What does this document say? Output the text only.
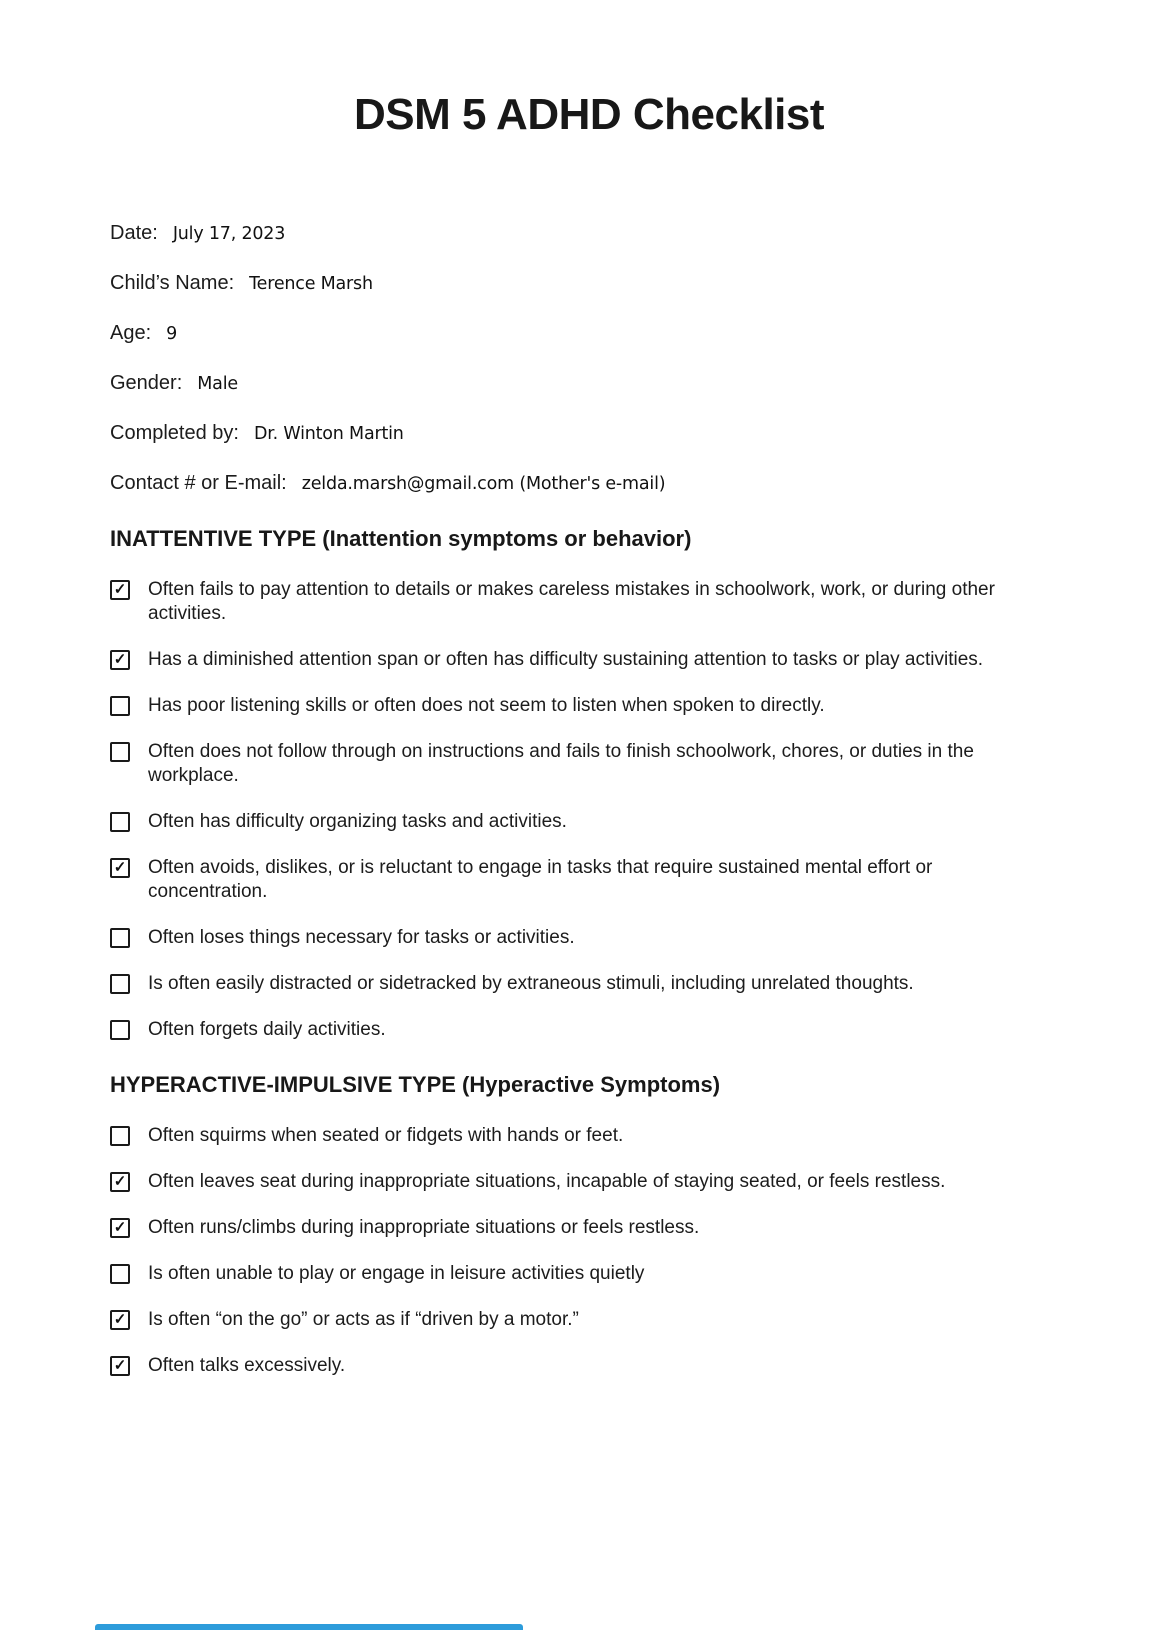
DSM 5 ADHD Checklist
Date: July 17, 2023
Child’s Name: Terence Marsh
Age: 9
Gender: Male
Completed by: Dr. Winton Martin
Contact # or E-mail: zelda.marsh@gmail.com (Mother's e-mail)
INATTENTIVE TYPE (Inattention symptoms or behavior)
✓ Often fails to pay attention to details or makes careless mistakes in schoolwork, work, or during other activities.
✓ Has a diminished attention span or often has difficulty sustaining attention to tasks or play activities.
Has poor listening skills or often does not seem to listen when spoken to directly.
Often does not follow through on instructions and fails to finish schoolwork, chores, or duties in the workplace.
Often has difficulty organizing tasks and activities.
✓ Often avoids, dislikes, or is reluctant to engage in tasks that require sustained mental effort or concentration.
Often loses things necessary for tasks or activities.
Is often easily distracted or sidetracked by extraneous stimuli, including unrelated thoughts.
Often forgets daily activities.
HYPERACTIVE-IMPULSIVE TYPE (Hyperactive Symptoms)
Often squirms when seated or fidgets with hands or feet.
✓ Often leaves seat during inappropriate situations, incapable of staying seated, or feels restless.
✓ Often runs/climbs during inappropriate situations or feels restless.
Is often unable to play or engage in leisure activities quietly
✓ Is often “on the go” or acts as if “driven by a motor.”
✓ Often talks excessively.
